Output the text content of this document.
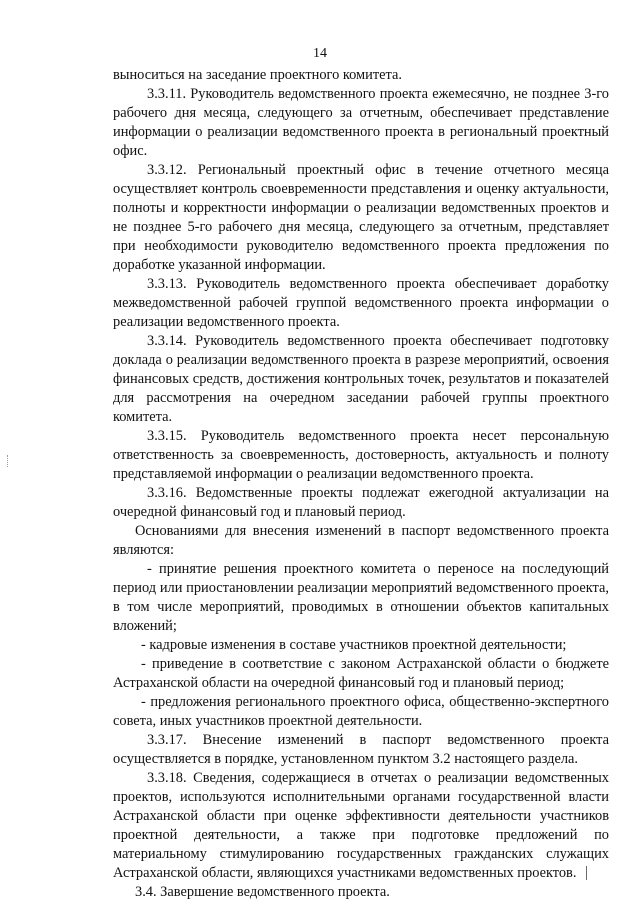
14

выноситься на заседание проектного комитета.

3.3.11. Руководитель ведомственного проекта ежемесячно, не позднее 3-го рабочего дня месяца, следующего за отчетным, обеспечивает представление информации о реализации ведомственного проекта в региональный проектный офис.

3.3.12. Региональный проектный офис в течение отчетного месяца осуществляет контроль своевременности представления и оценку актуальности, полноты и корректности информации о реализации ведомственных проектов и не позднее 5-го рабочего дня месяца, следующего за отчетным, представляет при необходимости руководителю ведомственного проекта предложения по доработке указанной информации.

3.3.13. Руководитель ведомственного проекта обеспечивает доработку межведомственной рабочей группой ведомственного проекта информации о реализации ведомственного проекта.

3.3.14. Руководитель ведомственного проекта обеспечивает подготовку доклада о реализации ведомственного проекта в разрезе мероприятий, освоения финансовых средств, достижения контрольных точек, результатов и показателей для рассмотрения на очередном заседании рабочей группы проектного комитета.

3.3.15. Руководитель ведомственного проекта несет персональную ответственность за своевременность, достоверность, актуальность и полноту представляемой информации о реализации ведомственного проекта.

3.3.16. Ведомственные проекты подлежат ежегодной актуализации на очередной финансовый год и плановый период.

Основаниями для внесения изменений в паспорт ведомственного проекта являются:

- принятие решения проектного комитета о переносе на последующий период или приостановлении реализации мероприятий ведомственного проекта, в том числе мероприятий, проводимых в отношении объектов капитальных вложений;

- кадровые изменения в составе участников проектной деятельности;

- приведение в соответствие с законом Астраханской области о бюджете Астраханской области на очередной финансовый год и плановый период;

- предложения регионального проектного офиса, общественно-экспертного совета, иных участников проектной деятельности.

3.3.17. Внесение изменений в паспорт ведомственного проекта осуществляется в порядке, установленном пунктом 3.2 настоящего раздела.

3.3.18. Сведения, содержащиеся в отчетах о реализации ведомственных проектов, используются исполнительными органами государственной власти Астраханской области при оценке эффективности деятельности участников проектной деятельности, а также при подготовке предложений по материальному стимулированию государственных гражданских служащих Астраханской области, являющихся участниками ведомственных проектов.

3.4. Завершение ведомственного проекта.
